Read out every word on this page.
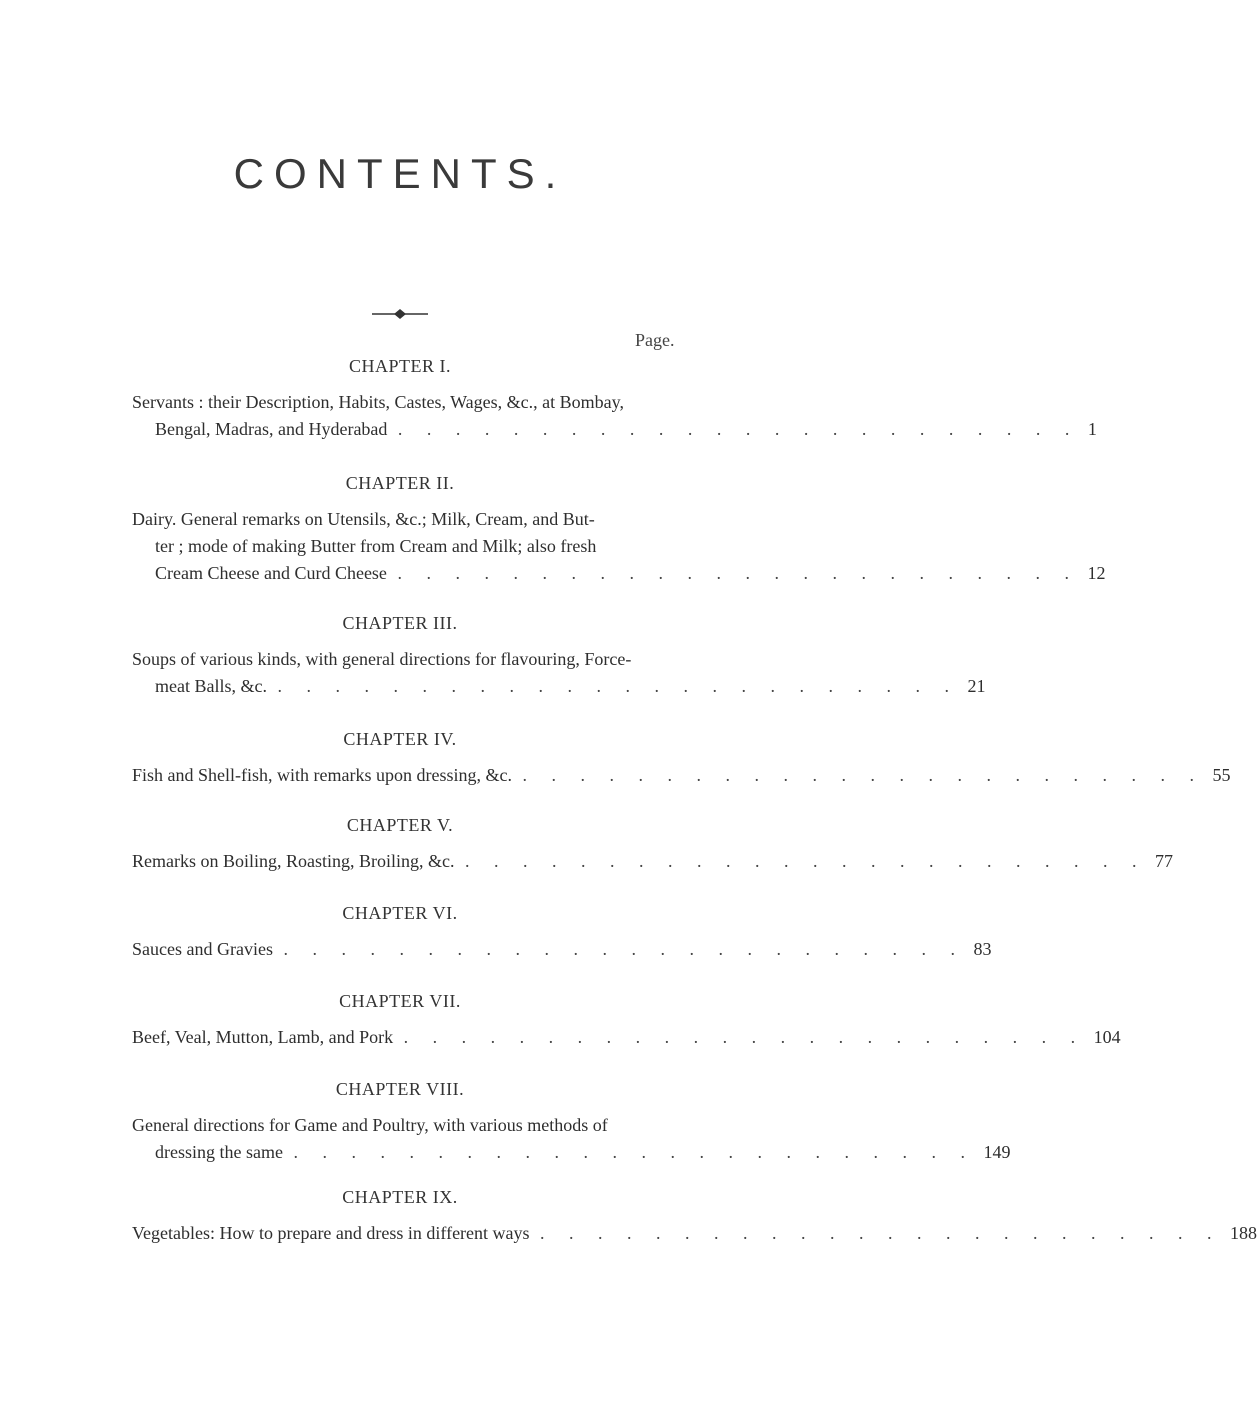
CONTENTS.
Page.
CHAPTER I.
Servants : their Description, Habits, Castes, Wages, &c., at Bombay,
Bengal, Madras, and Hyderabad . . . . . . . . . . . . . . . . . . . . . . . . 1
CHAPTER II.
Dairy. General remarks on Utensils, &c.; Milk, Cream, and But-
ter ; mode of making Butter from Cream and Milk; also fresh
Cream Cheese and Curd Cheese . . . . . . . . . . . . . . . . . . . . . . . . 12
CHAPTER III.
Soups of various kinds, with general directions for flavouring, Force-
meat Balls, &c. . . . . . . . . . . . . . . . . . . . . . . . . 21
CHAPTER IV.
Fish and Shell-fish, with remarks upon dressing, &c. . . . . . . . . . . . . . . . . . . . . . . . . 55
CHAPTER V.
Remarks on Boiling, Roasting, Broiling, &c. . . . . . . . . . . . . . . . . . . . . . . . . 77
CHAPTER VI.
Sauces and Gravies . . . . . . . . . . . . . . . . . . . . . . . . 83
CHAPTER VII.
Beef, Veal, Mutton, Lamb, and Pork . . . . . . . . . . . . . . . . . . . . . . . . 104
CHAPTER VIII.
General directions for Game and Poultry, with various methods of
dressing the same . . . . . . . . . . . . . . . . . . . . . . . . 149
CHAPTER IX.
Vegetables: How to prepare and dress in different ways . . . . . . . . . . . . . . . . . . . . . . . . 188
